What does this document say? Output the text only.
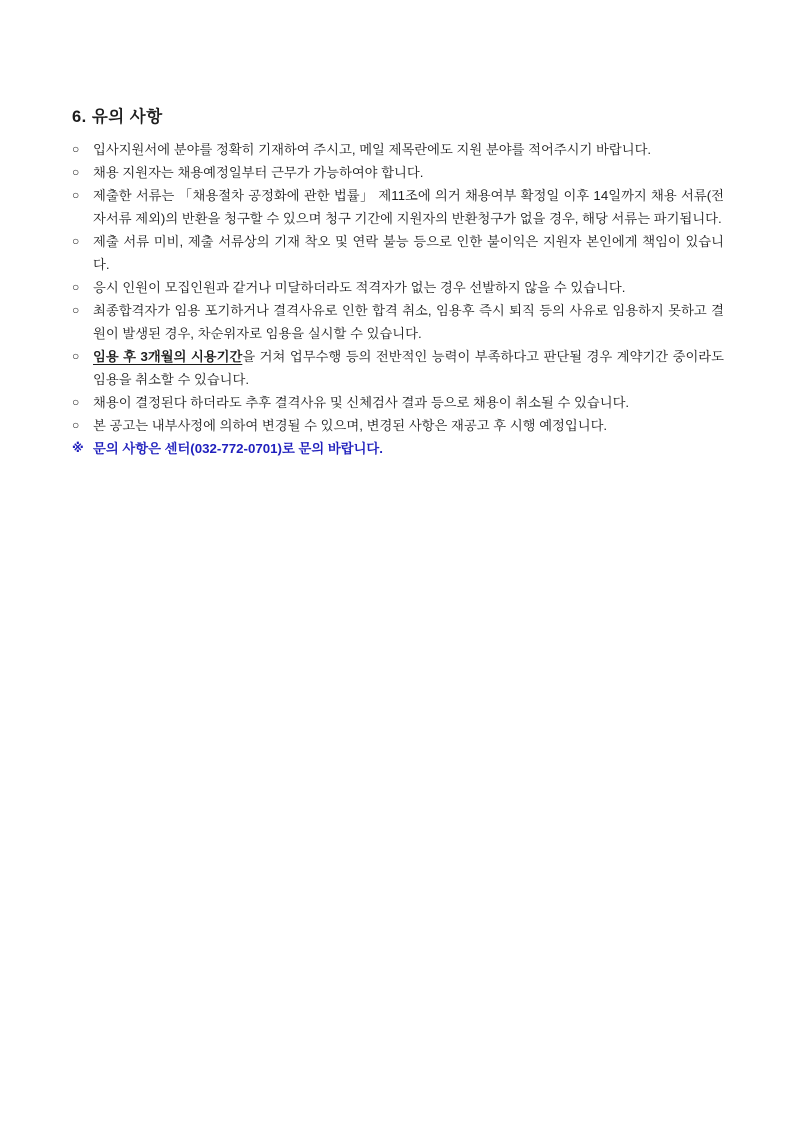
6. 유의 사항
○	입사지원서에 분야를 정확히 기재하여 주시고, 메일 제목란에도 지원 분야를 적어주시기 바랍니다.

○	채용 지원자는 채용예정일부터 근무가 가능하여야 합니다.

○	제출한 서류는 「채용절차 공정화에 관한 법률」 제11조에 의거 채용여부 확정일 이후 14일까지 채용 서류(전자서류 제외)의 반환을 청구할 수 있으며 청구 기간에 지원자의 반환청구가 없을 경우, 해당 서류는 파기됩니다.

○	제출 서류 미비, 제출 서류상의 기재 착오 및 연락 불능 등으로 인한 불이익은 지원자 본인에게 책임이 있습니다.

○	응시 인원이 모집인원과 같거나 미달하더라도 적격자가 없는 경우 선발하지 않을 수 있습니다.

○	최종합격자가 임용 포기하거나 결격사유로 인한 합격 취소, 임용후 즉시 퇴직 등의 사유로 임용하지 못하고 결원이 발생된 경우, 차순위자로 임용을 실시할 수 있습니다.

○	임용 후 3개월의 시용기간을 거쳐 업무수행 등의 전반적인 능력이 부족하다고 판단될 경우 계약기간 중이라도 임용을 취소할 수 있습니다.

○	채용이 결정된다 하더라도 추후 결격사유 및 신체검사 결과 등으로 채용이 취소될 수 있습니다.

○	본 공고는 내부사정에 의하여 변경될 수 있으며, 변경된 사항은 재공고 후 시행 예정입니다.

※ 문의 사항은 센터(032-772-0701)로 문의 바랍니다.
